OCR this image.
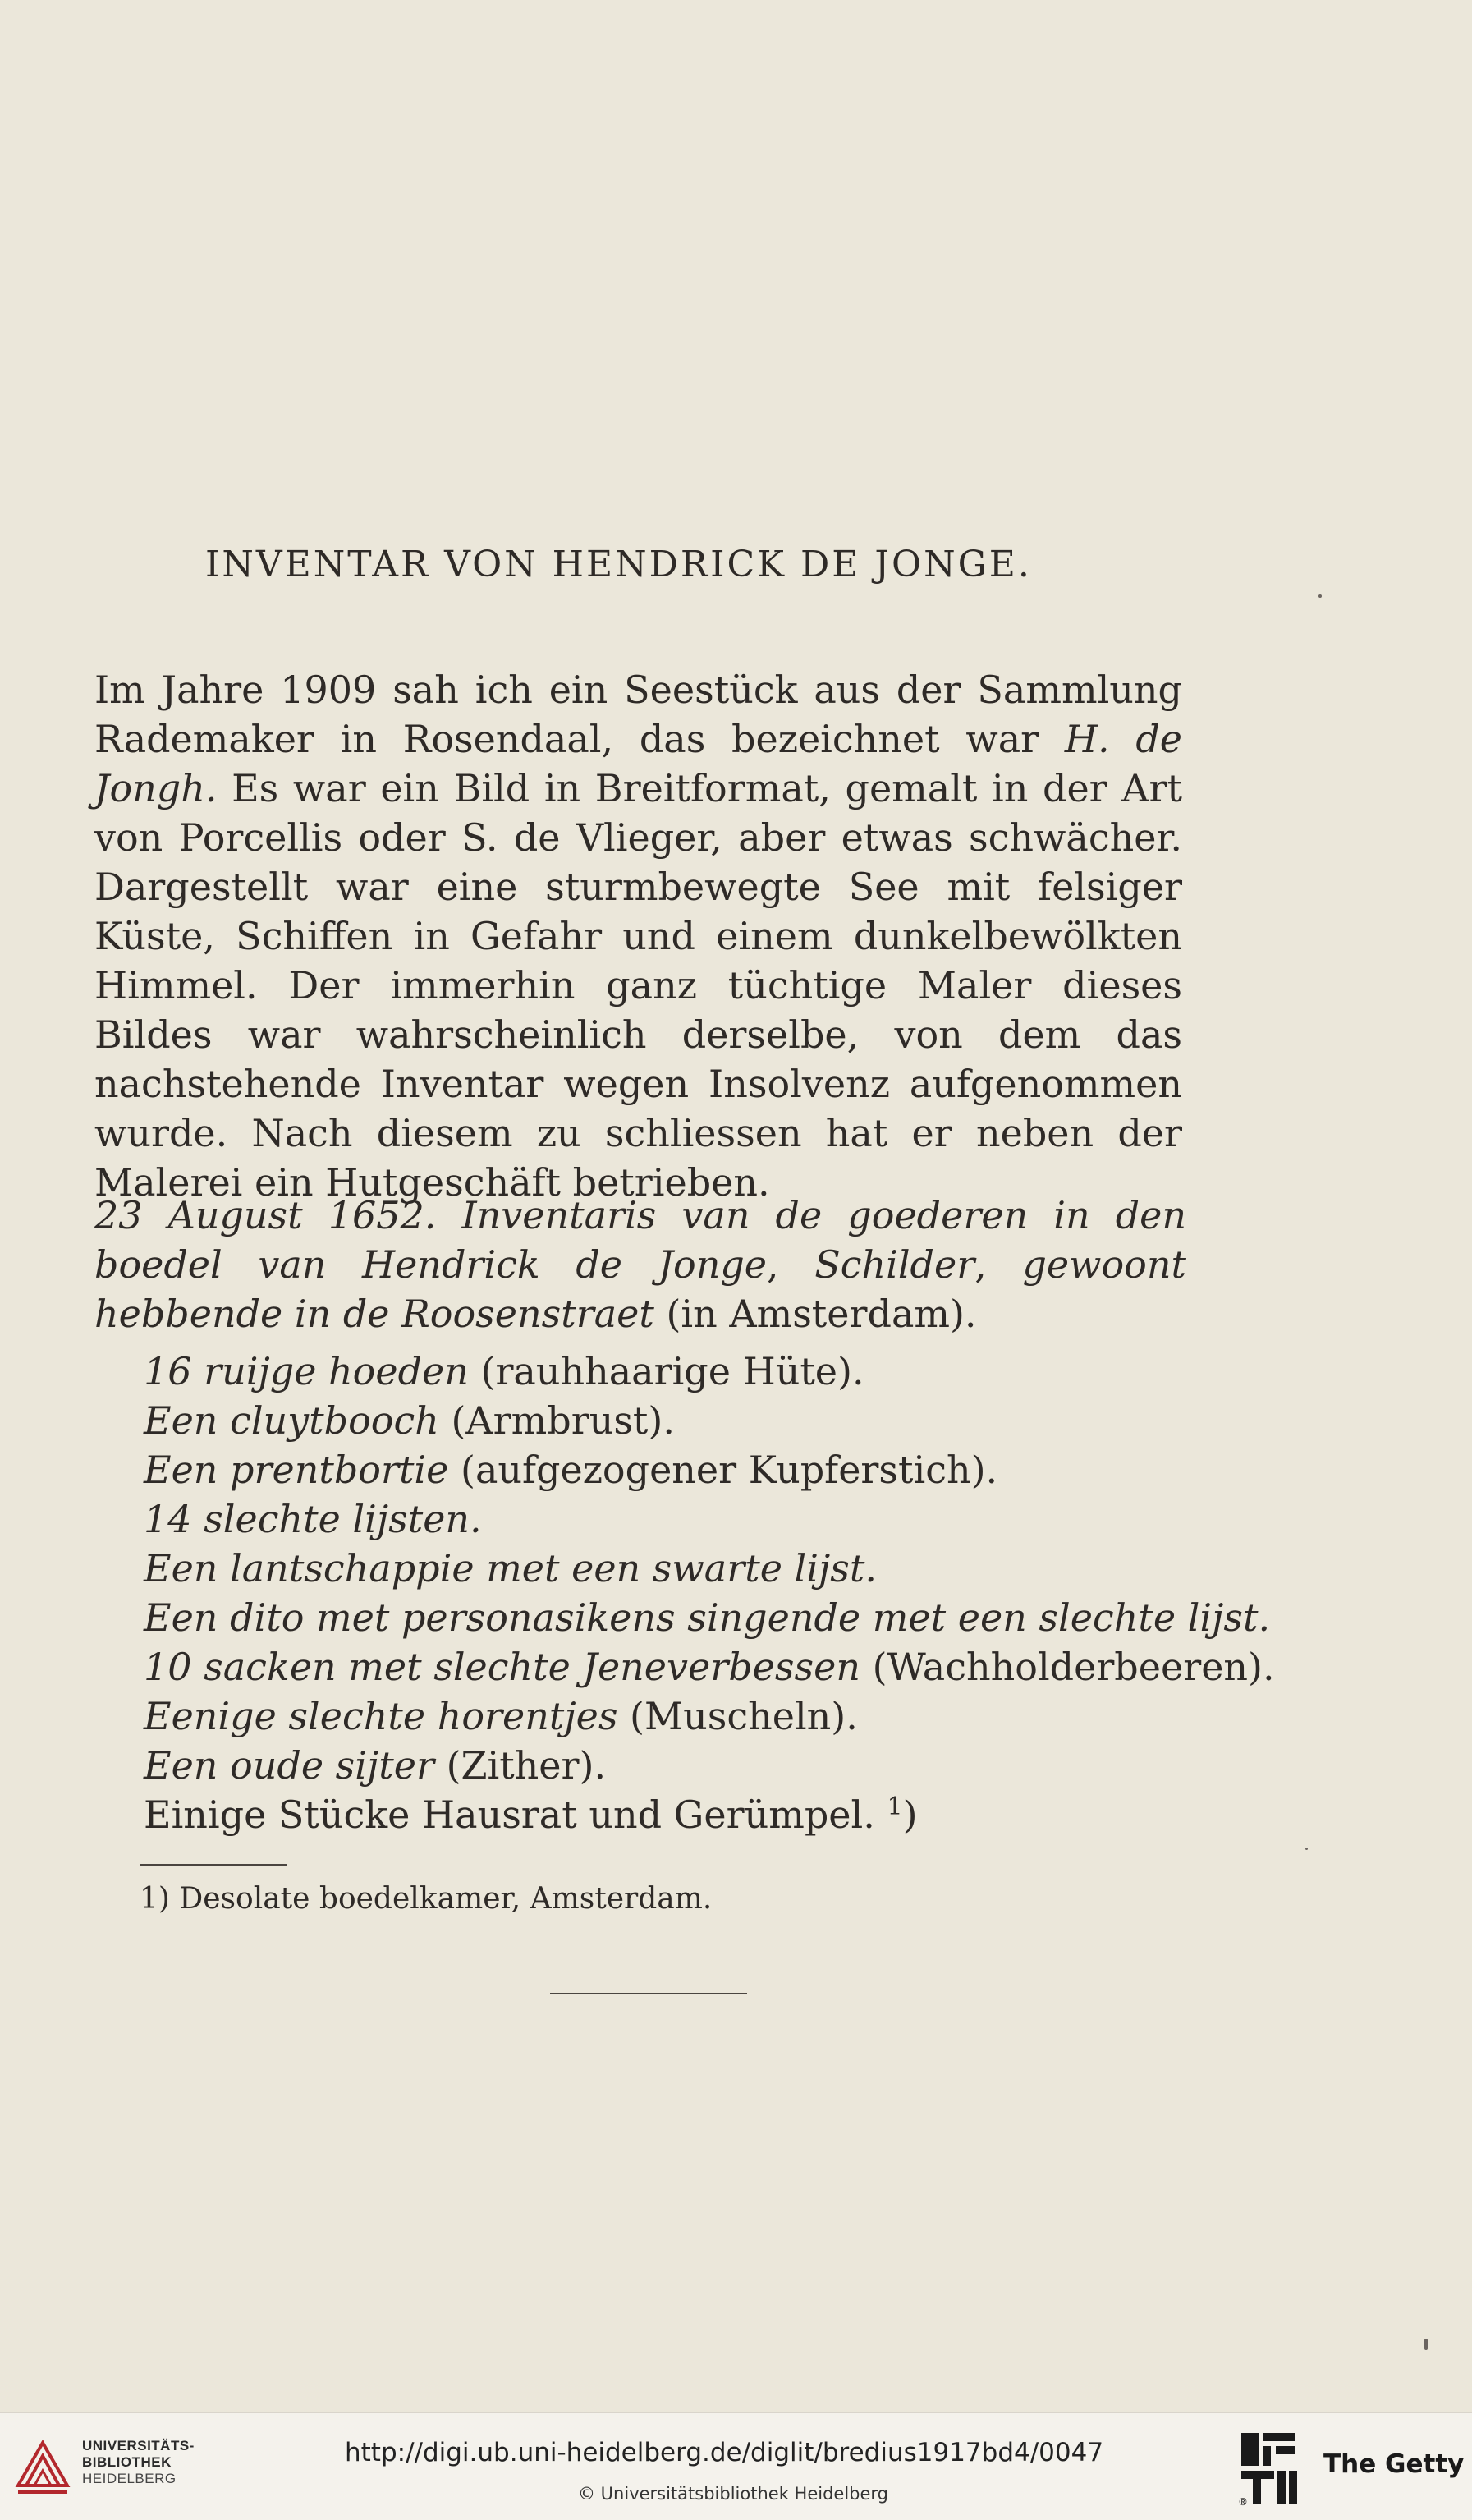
INVENTAR VON HENDRICK DE JONGE.
Im Jahre 1909 sah ich ein Seestück aus der Sammlung Rademaker in Rosendaal, das bezeichnet war H. de Jongh. Es war ein Bild in Breitformat, gemalt in der Art von Porcellis oder S. de Vlieger, aber etwas schwächer. Dargestellt war eine sturmbewegte See mit felsiger Küste, Schiffen in Gefahr und einem dunkelbewölkten Himmel. Der immerhin ganz tüchtige Maler dieses Bildes war wahrscheinlich derselbe, von dem das nachstehende Inventar wegen Insolvenz aufgenommen wurde. Nach diesem zu schliessen hat er neben der Malerei ein Hutgeschäft betrieben.
23 August 1652. Inventaris van de goederen in den boedel van Hendrick de Jonge, Schilder, gewoont hebbende in de Roosenstraet (in Amsterdam).
16 ruijge hoeden (rauhhaarige Hüte).
Een cluytbooch (Armbrust).
Een prentbortie (aufgezogener Kupferstich).
14 slechte lijsten.
Een lantschappie met een swarte lijst.
Een dito met personasikens singende met een slechte lijst.
10 sacken met slechte Jeneverbessen (Wachholderbeeren).
Eenige slechte horentjes (Muscheln).
Een oude sijter (Zither).
Einige Stücke Hausrat und Gerümpel. $^1$)
1) Desolate boedelkamer, Amsterdam.
UNIVERSITÄTS-
BIBLIOTHEK
HEIDELBERG
http://digi.ub.uni-heidelberg.de/diglit/bredius1917bd4/0047
© Universitätsbibliothek Heidelberg	®
The Getty
